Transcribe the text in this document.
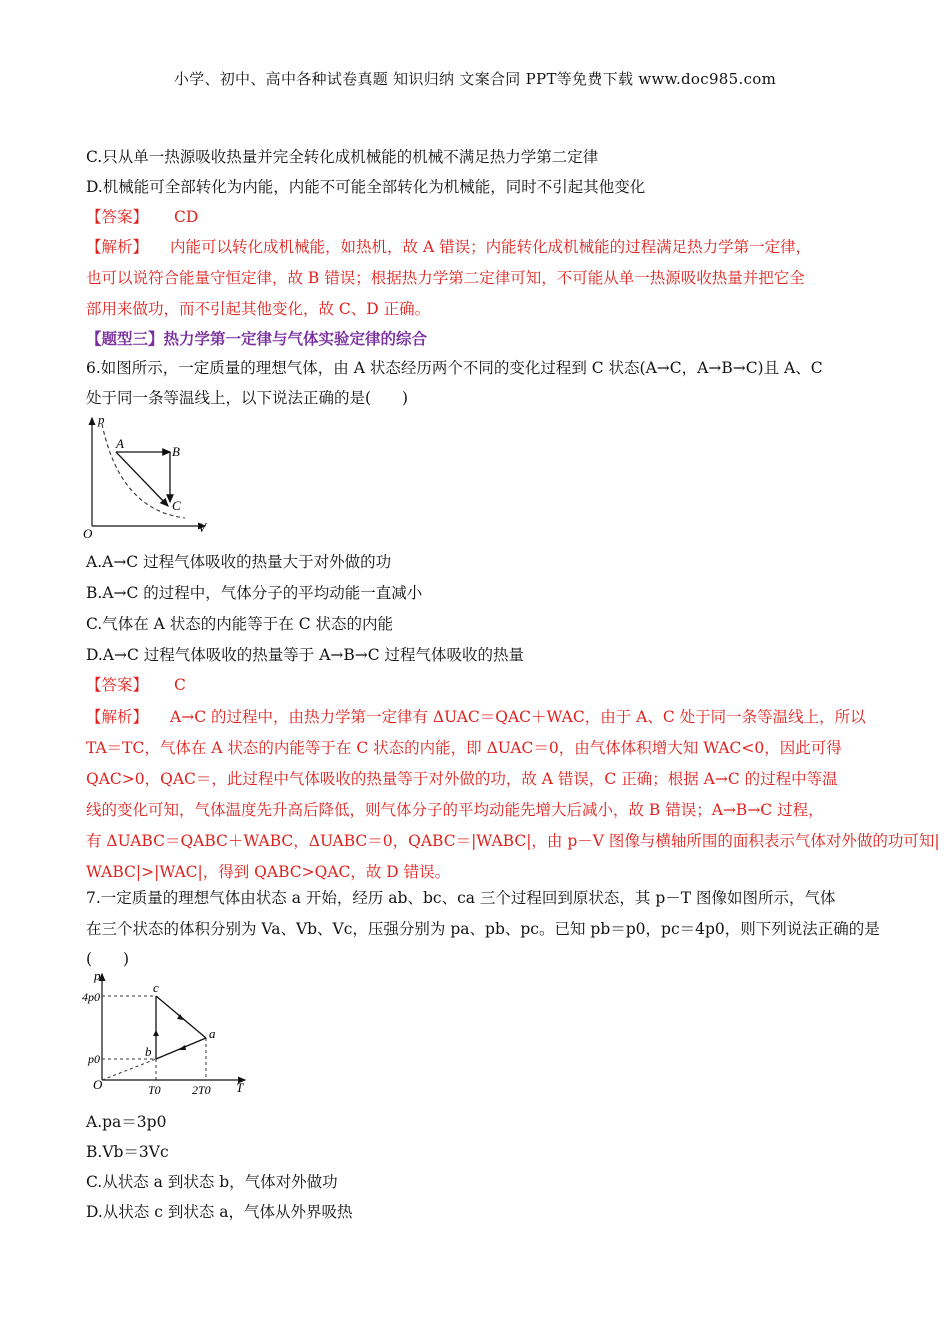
小学、初中、高中各种试卷真题 知识归纳 文案合同 PPT等免费下载 www.doc985.com
C.只从单一热源吸收热量并完全转化成机械能的机械不满足热力学第二定律
D.机械能可全部转化为内能，内能不可能全部转化为机械能，同时不引起其他变化
【答案】 CD
【解析】 内能可以转化成机械能，如热机，故 A 错误；内能转化成机械能的过程满足热力学第一定律，
也可以说符合能量守恒定律，故 B 错误；根据热力学第二定律可知，不可能从单一热源吸收热量并把它全
部用来做功，而不引起其他变化，故 C、D 正确。
【题型三】热力学第一定律与气体实验定律的综合
6.如图所示，一定质量的理想气体，由 A 状态经历两个不同的变化过程到 C 状态(A→C，A→B→C)且 A、C
处于同一条等温线上，以下说法正确的是(　　)
p
V
O
A
B
C
A.A→C 过程气体吸收的热量大于对外做的功
B.A→C 的过程中，气体分子的平均动能一直减小
C.气体在 A 状态的内能等于在 C 状态的内能
D.A→C 过程气体吸收的热量等于 A→B→C 过程气体吸收的热量
【答案】 C
【解析】 A→C 的过程中，由热力学第一定律有 ΔUAC＝QAC＋WAC，由于 A、C 处于同一条等温线上，所以
TA＝TC，气体在 A 状态的内能等于在 C 状态的内能，即 ΔUAC＝0，由气体体积增大知 WAC<0，因此可得
QAC>0，QAC＝，此过程中气体吸收的热量等于对外做的功，故 A 错误，C 正确；根据 A→C 的过程中等温
线的变化可知，气体温度先升高后降低，则气体分子的平均动能先增大后减小，故 B 错误；A→B→C 过程，
有 ΔUABC＝QABC＋WABC，ΔUABC＝0，QABC＝|WABC|，由 p－V 图像与横轴所围的面积表示气体对外做的功可知|
WABC|>|WAC|，得到 QABC>QAC，故 D 错误。
7.一定质量的理想气体由状态 a 开始，经历 ab、bc、ca 三个过程回到原状态，其 p－T 图像如图所示，气体
在三个状态的体积分别为 Va、Vb、Vc，压强分别为 pa、pb、pc。已知 pb＝p0，pc＝4p0，则下列说法正确的是
(　　)
p
T
O
4p0
p0
T0	2T0
c
b
a
A.pa＝3p0
B.Vb＝3Vc
C.从状态 a 到状态 b，气体对外做功
D.从状态 c 到状态 a，气体从外界吸热
